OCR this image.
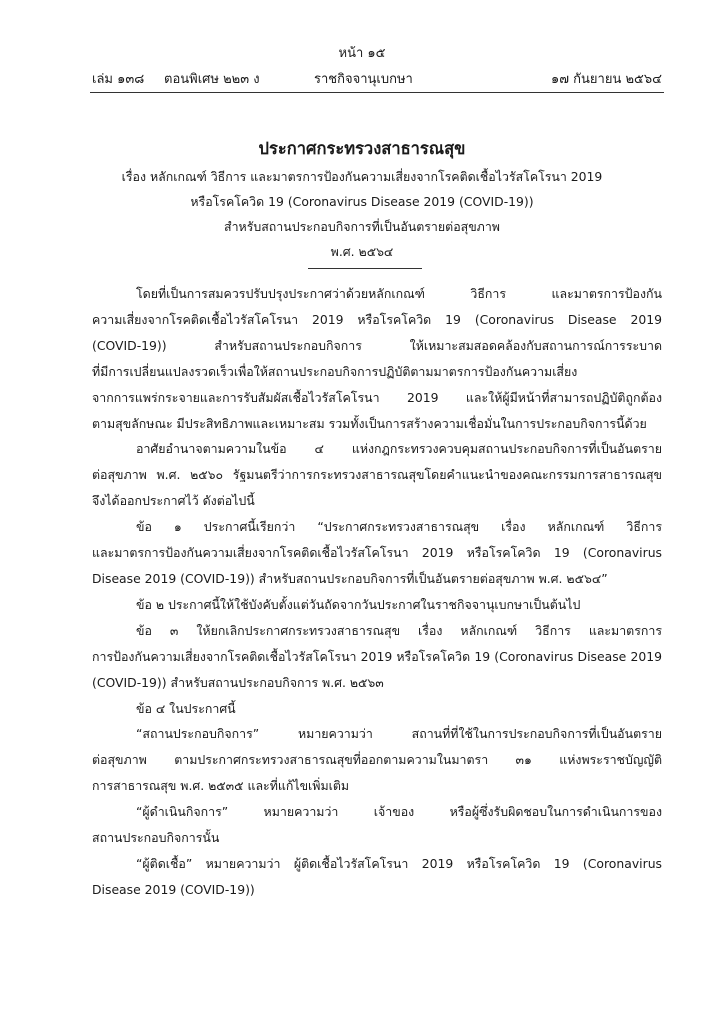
หน้า ๑๕
เล่ม ๑๓๘ ตอนพิเศษ ๒๒๓ ง	ราชกิจจานุเบกษา	๑๗ กันยายน ๒๕๖๔
ประกาศกระทรวงสาธารณสุข
เรื่อง หลักเกณฑ์ วิธีการ และมาตรการป้องกันความเสี่ยงจากโรคติดเชื้อไวรัสโคโรนา 2019
หรือโรคโควิด 19 (Coronavirus Disease 2019 (COVID-19))
สำหรับสถานประกอบกิจการที่เป็นอันตรายต่อสุขภาพ
พ.ศ. ๒๕๖๔

โดยที่เป็นการสมควรปรับปรุงประกาศว่าด้วยหลักเกณฑ์ วิธีการ และมาตรการป้องกัน

ความเสี่ยงจากโรคติดเชื้อไวรัสโคโรนา 2019 หรือโรคโควิด 19 (Coronavirus Disease 2019

(COVID-19)) สำหรับสถานประกอบกิจการ ให้เหมาะสมสอดคล้องกับสถานการณ์การระบาด

ที่มีการเปลี่ยนแปลงรวดเร็วเพื่อให้สถานประกอบกิจการปฏิบัติตามมาตรการป้องกันความเสี่ยง

จากการแพร่กระจายและการรับสัมผัสเชื้อไวรัสโคโรนา 2019 และให้ผู้มีหน้าที่สามารถปฏิบัติถูกต้อง

ตามสุขลักษณะ มีประสิทธิภาพและเหมาะสม รวมทั้งเป็นการสร้างความเชื่อมั่นในการประกอบกิจการนี้ด้วย

อาศัยอำนาจตามความในข้อ ๔ แห่งกฎกระทรวงควบคุมสถานประกอบกิจการที่เป็นอันตราย

ต่อสุขภาพ พ.ศ. ๒๕๖๐ รัฐมนตรีว่าการกระทรวงสาธารณสุขโดยคำแนะนำของคณะกรรมการสาธารณสุข

จึงได้ออกประกาศไว้ ดังต่อไปนี้

ข้อ ๑ ประกาศนี้เรียกว่า “ประกาศกระทรวงสาธารณสุข เรื่อง หลักเกณฑ์ วิธีการ

และมาตรการป้องกันความเสี่ยงจากโรคติดเชื้อไวรัสโคโรนา 2019 หรือโรคโควิด 19 (Coronavirus

Disease 2019 (COVID-19)) สำหรับสถานประกอบกิจการที่เป็นอันตรายต่อสุขภาพ พ.ศ. ๒๕๖๔”

ข้อ ๒ ประกาศนี้ให้ใช้บังคับตั้งแต่วันถัดจากวันประกาศในราชกิจจานุเบกษาเป็นต้นไป

ข้อ ๓ ให้ยกเลิกประกาศกระทรวงสาธารณสุข เรื่อง หลักเกณฑ์ วิธีการ และมาตรการ

การป้องกันความเสี่ยงจากโรคติดเชื้อไวรัสโคโรนา 2019 หรือโรคโควิด 19 (Coronavirus Disease 2019

(COVID-19)) สำหรับสถานประกอบกิจการ พ.ศ. ๒๕๖๓

ข้อ ๔ ในประกาศนี้

“สถานประกอบกิจการ” หมายความว่า สถานที่ที่ใช้ในการประกอบกิจการที่เป็นอันตราย

ต่อสุขภาพ ตามประกาศกระทรวงสาธารณสุขที่ออกตามความในมาตรา ๓๑ แห่งพระราชบัญญัติ

การสาธารณสุข พ.ศ. ๒๕๓๕ และที่แก้ไขเพิ่มเติม

“ผู้ดำเนินกิจการ” หมายความว่า เจ้าของ หรือผู้ซึ่งรับผิดชอบในการดำเนินการของ

สถานประกอบกิจการนั้น

“ผู้ติดเชื้อ” หมายความว่า ผู้ติดเชื้อไวรัสโคโรนา 2019 หรือโรคโควิด 19 (Coronavirus

Disease 2019 (COVID-19))
